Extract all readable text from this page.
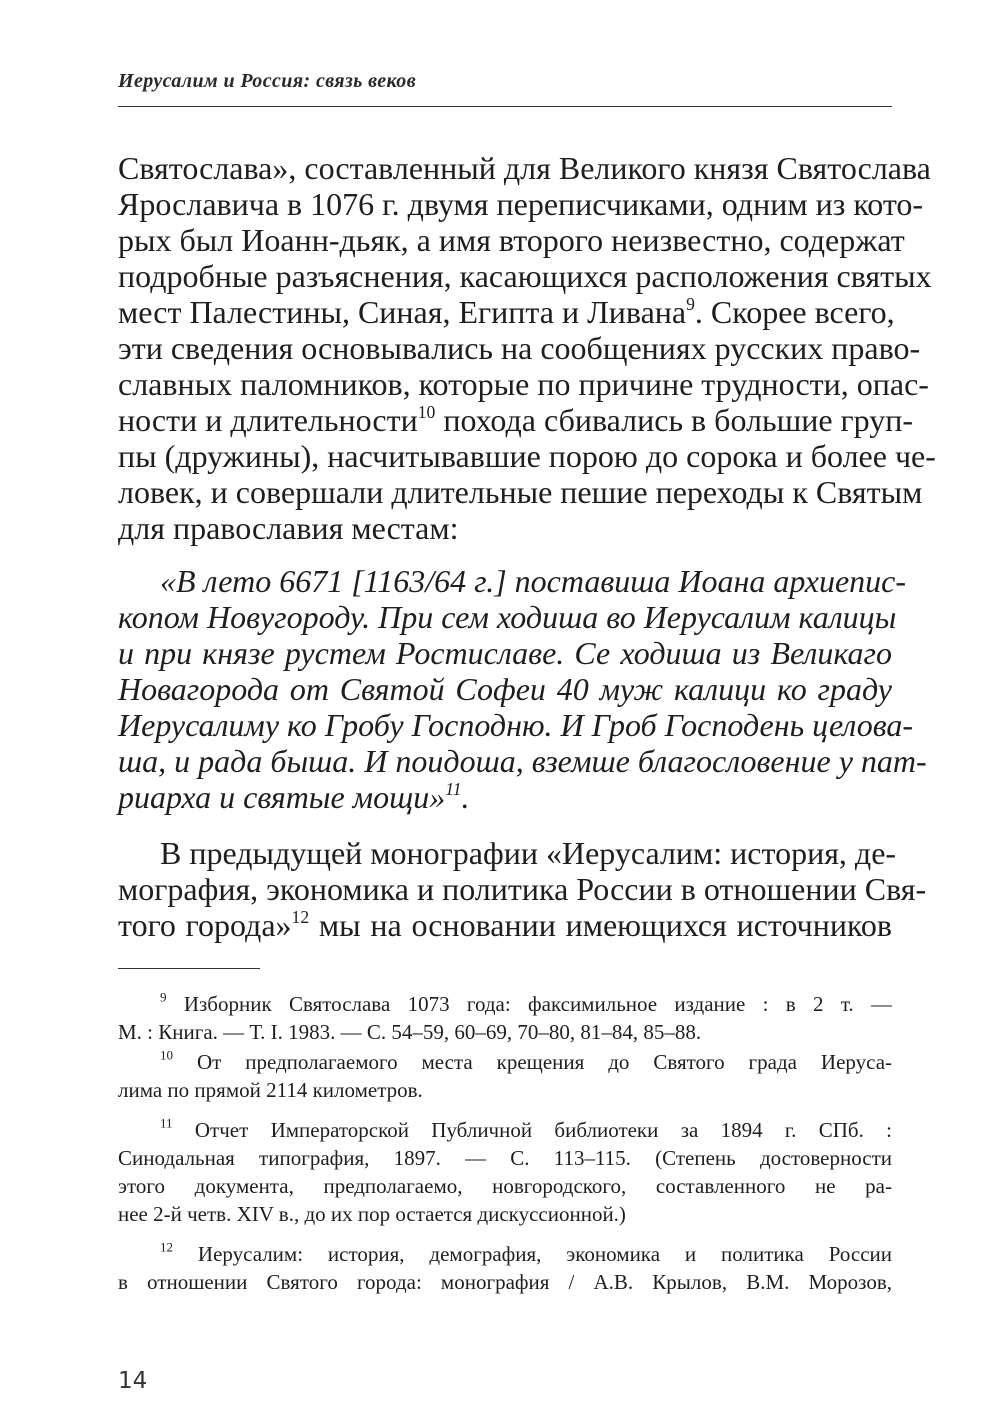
Иерусалим и Россия: связь веков
Святослава», составленный для Великого князя Святослава
Ярославича в 1076 г. двумя переписчиками, одним из кото-
рых был Иоанн-дьяк, а имя второго неизвестно, содержат
подробные разъяснения, касающихся расположения святых
мест Палестины, Синая, Египта и Ливана$^9$. Скорее всего,
эти сведения основывались на сообщениях русских право-
славных паломников, которые по причине трудности, опас-
ности и длительности$^{10}$ похода сбивались в большие груп-
пы (дружины), насчитывавшие порою до сорока и более че-
ловек, и совершали длительные пешие переходы к Святым
для православия местам:
«В лето 6671 [1163/64 г.] поставиша Иоана архиепис-
копом Новугороду. При сем ходиша во Иерусалим калицы
и при князе рустем Ростиславе. Се ходиша из Великаго
Новагорода от Святой Софеи 40 муж калици ко граду
Иерусалиму ко Гробу Господню. И Гроб Господень целова-
ша, и рада быша. И поидоша, вземше благословение у пат-
риарха и святые мощи»$^{11}$.
В предыдущей монографии «Иерусалим: история, де-
мография, экономика и политика России в отношении Свя-
того города»$^{12}$ мы на основании имеющихся источников
$^9$ Изборник Святослава 1073 года: факсимильное издание : в 2 т. —
М. : Книга. — Т. I. 1983. — С. 54–59, 60–69, 70–80, 81–84, 85–88.
$^{10}$ От предполагаемого места крещения до Святого града Иеруса-
лима по прямой 2114 километров.
$^{11}$ Отчет Императорской Публичной библиотеки за 1894 г. СПб. :
Синодальная типография, 1897. — С. 113–115. (Степень достоверности
этого документа, предполагаемо, новгородского, составленного не ра-
нее 2-й четв. XIV в., до их пор остается дискуссионной.)
$^{12}$ Иерусалим: история, демография, экономика и политика России
в отношении Святого города: монография / А.В. Крылов, В.М. Морозов,
14
